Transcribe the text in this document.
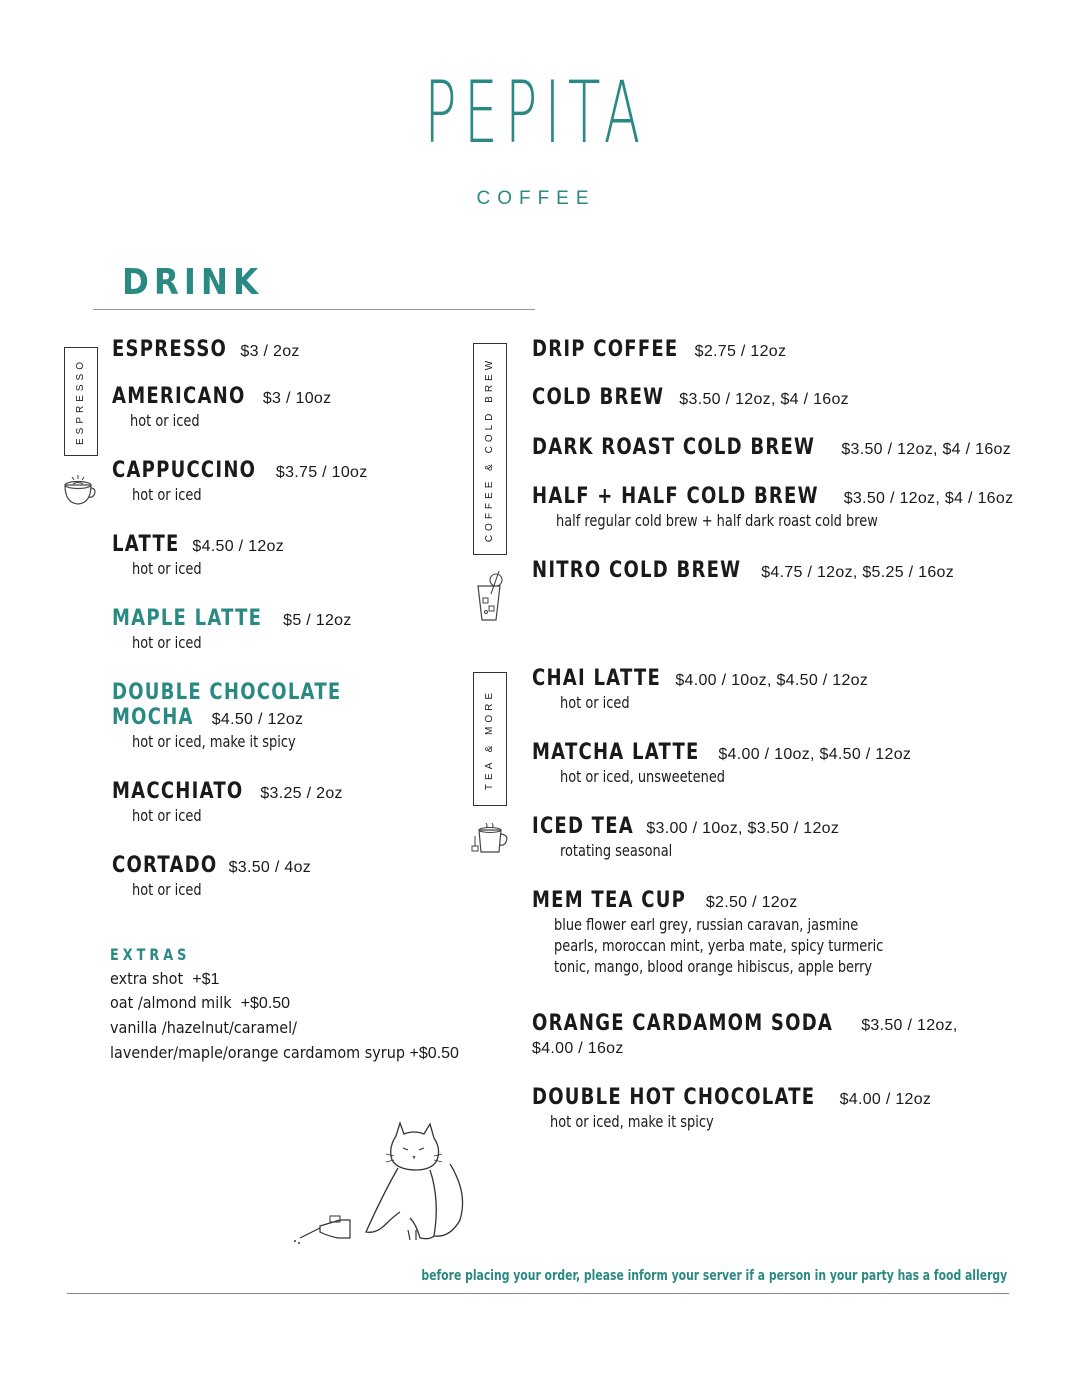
PEPITA
COFFEE
DRINK
ESPRESSO	COFFEE & COLD BREW
TEA & MORE
ESPRESSO $3 / 2oz
AMERICANO $3 / 10oz
hot or iced
CAPPUCCINO $3.75 / 10oz
hot or iced
LATTE $4.50 / 12oz
hot or iced
MAPLE LATTE $5 / 12oz
hot or iced
DOUBLE CHOCOLATE
MOCHA $4.50 / 12oz
hot or iced, make it spicy
MACCHIATO $3.25 / 2oz
hot or iced
CORTADO $3.50 / 4oz
hot or iced
EXTRAS
extra shot +$1
oat /almond milk +$0.50
vanilla /hazelnut/caramel/
lavender/maple/orange cardamom syrup +$0.50
DRIP COFFEE $2.75 / 12oz
COLD BREW $3.50 / 12oz, $4 / 16oz
DARK ROAST COLD BREW $3.50 / 12oz, $4 / 16oz
HALF + HALF COLD BREW $3.50 / 12oz, $4 / 16oz
half regular cold brew + half dark roast cold brew
NITRO COLD BREW $4.75 / 12oz, $5.25 / 16oz
CHAI LATTE $4.00 / 10oz, $4.50 / 12oz
hot or iced
MATCHA LATTE $4.00 / 10oz, $4.50 / 12oz
hot or iced, unsweetened
ICED TEA $3.00 / 10oz, $3.50 / 12oz
rotating seasonal
MEM TEA CUP $2.50 / 12oz
blue flower earl grey, russian caravan, jasmine
pearls, moroccan mint, yerba mate, spicy turmeric
tonic, mango, blood orange hibiscus, apple berry
ORANGE CARDAMOM SODA $3.50 / 12oz,
$4.00 / 16oz
DOUBLE HOT CHOCOLATE $4.00 / 12oz
hot or iced, make it spicy
before placing your order, please inform your server if a person in your party has a food allergy
